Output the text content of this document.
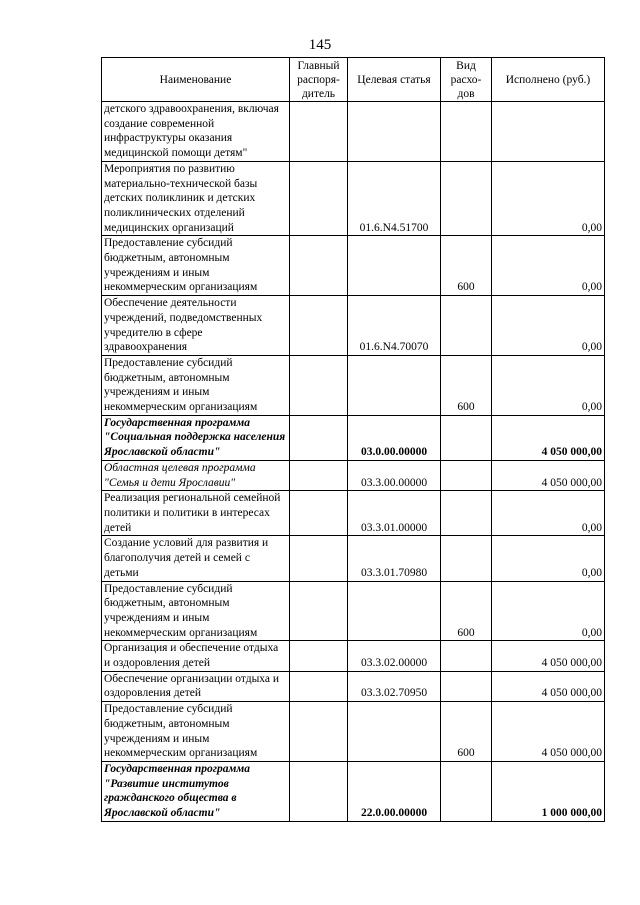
145
Наименование	Главный распоря-дитель	Целевая статья	Вид расхо-дов	Исполнено (руб.)
детского здравоохранения, включая создание современной инфраструктуры оказания медицинской помощи детям"				
Мероприятия по развитию материально-технической базы детских поликлиник и детских поликлинических отделений медицинских организаций		01.6.N4.51700		0,00
Предоставление субсидий бюджетным, автономным учреждениям и иным некоммерческим организациям			600	0,00
Обеспечение деятельности учреждений, подведомственных учредителю в сфере здравоохранения		01.6.N4.70070		0,00
Предоставление субсидий бюджетным, автономным учреждениям и иным некоммерческим организациям			600	0,00
Государственная программа "Социальная поддержка населения Ярославской области"		03.0.00.00000		4 050 000,00
Областная целевая программа "Семья и дети Ярославии"		03.3.00.00000		4 050 000,00
Реализация региональной семейной политики и политики в интересах детей		03.3.01.00000		0,00
Создание условий для развития и благополучия детей и семей с детьми		03.3.01.70980		0,00
Предоставление субсидий бюджетным, автономным учреждениям и иным некоммерческим организациям			600	0,00
Организация и обеспечение отдыха и оздоровления детей		03.3.02.00000		4 050 000,00
Обеспечение организации отдыха и оздоровления детей		03.3.02.70950		4 050 000,00
Предоставление субсидий бюджетным, автономным учреждениям и иным некоммерческим организациям			600	4 050 000,00
Государственная программа "Развитие институтов гражданского общества в Ярославской области"		22.0.00.00000		1 000 000,00
